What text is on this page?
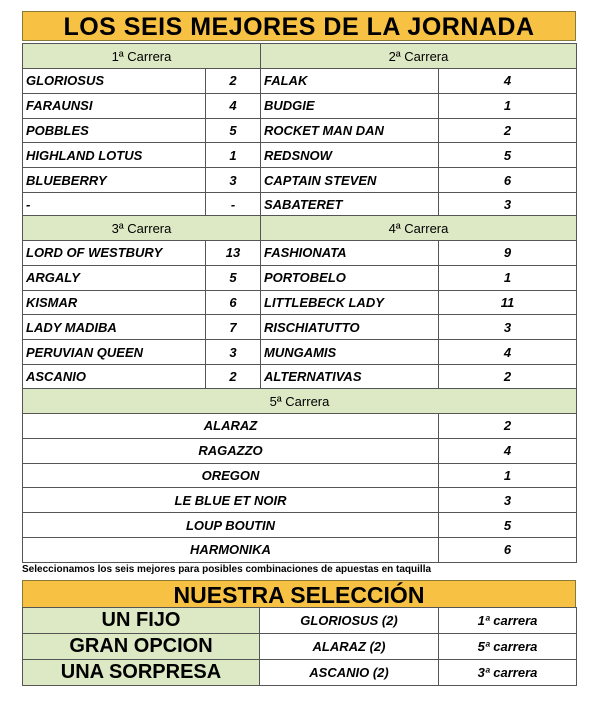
LOS SEIS MEJORES DE LA JORNADA
1ª Carrera		2ª Carrera	
GLORIOSUS	2	FALAK	4
FARAUNSI	4	BUDGIE	1
POBBLES	5	ROCKET MAN DAN	2
HIGHLAND LOTUS	1	REDSNOW	5
BLUEBERRY	3	CAPTAIN STEVEN	6
-	-	SABATERET	3
3ª Carrera		4ª Carrera	
LORD OF WESTBURY	13	FASHIONATA	9
ARGALY	5	PORTOBELO	1
KISMAR	6	LITTLEBECK LADY	11
LADY MADIBA	7	RISCHIATUTTO	3
PERUVIAN QUEEN	3	MUNGAMIS	4
ASCANIO	2	ALTERNATIVAS	2
5ª Carrera	
ALARAZ	2
RAGAZZO	4
OREGON	1
LE BLUE ET NOIR	3
LOUP BOUTIN	5
HARMONIKA	6
Seleccionamos los seis mejores para posibles combinaciones de apuestas en taquilla
NUESTRA SELECCIÓN
UN FIJO	GLORIOSUS (2)	1ª carrera
GRAN OPCION	ALARAZ (2)	5ª carrera
UNA SORPRESA	ASCANIO (2)	3ª carrera
